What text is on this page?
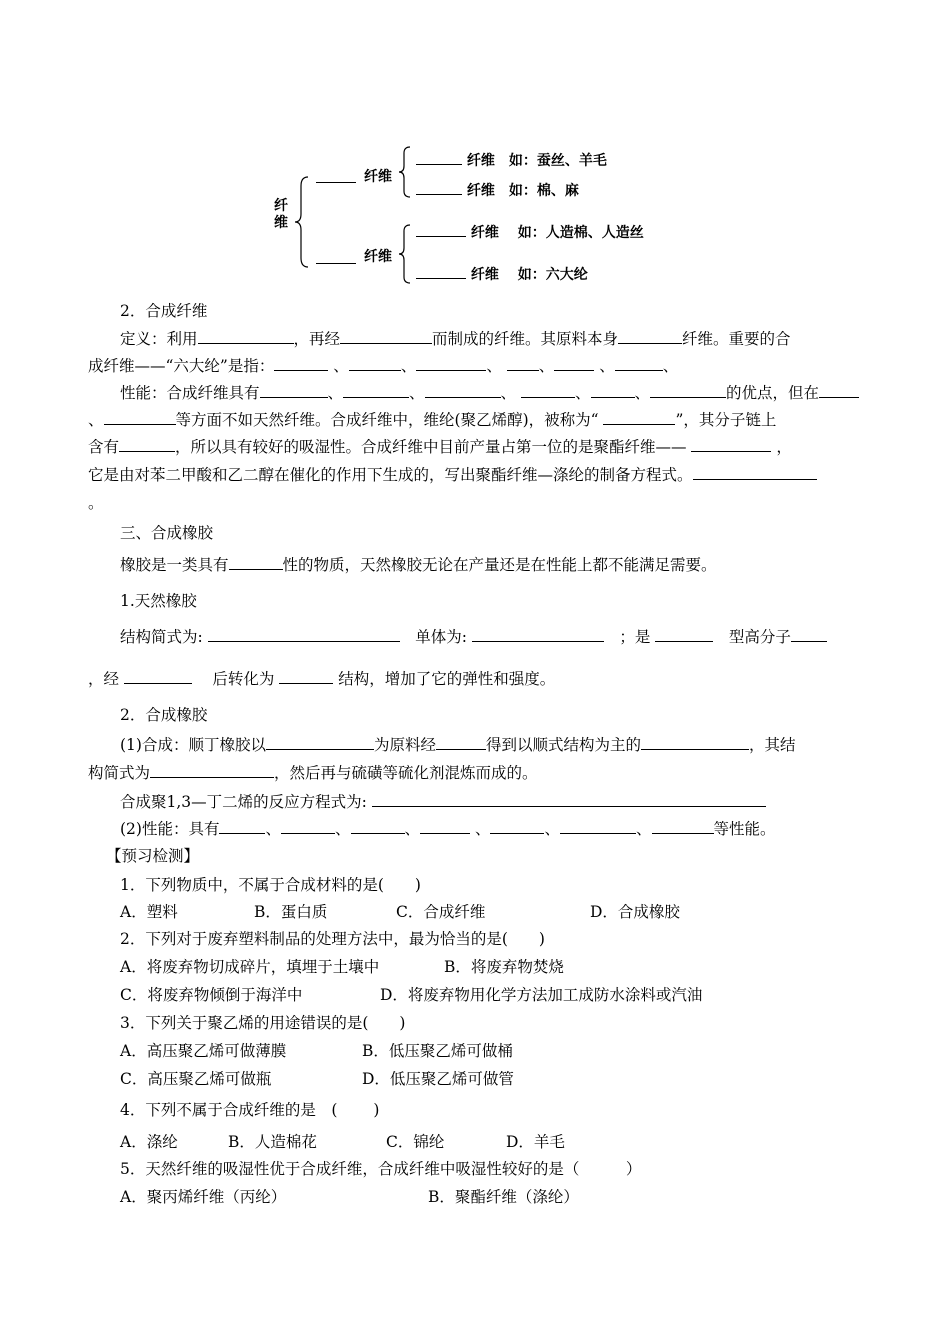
纤
维
纤维
纤维
纤维　 如：蚕丝、羊毛
纤维　 如：棉、麻
纤维　 如：人造棉、人造丝
纤维　 如：六大纶
2．合成纤维
定义：利用	，再经	而制成的纤维。其原料本身	纤维。重要的合
成纤维——“六大纶”是指：	、	、	、 、	、	、
性能：合成纤维具有	、	、	、	、	、	的优点，但在
、	等方面不如天然纤维。合成纤维中，维纶(聚乙烯醇)，被称为“	”，其分子链上
含有	，所以具有较好的吸湿性。合成纤维中目前产量占第一位的是聚酯纤维——	，
它是由对苯二甲酸和乙二醇在催化的作用下生成的，写出聚酯纤维—涤纶的制备方程式。
。
三、合成橡胶
橡胶是一类具有	性的物质，天然橡胶无论在产量还是在性能上都不能满足需要。
1.天然橡胶
结构简式为: 　	单体为: 　	；是 　	型高分子
，经 　	后转化为	结构，增加了它的弹性和强度。
2．合成橡胶
(1)合成：顺丁橡胶以	为原料经	得到以顺式结构为主的	，其结
构简式为	，然后再与硫磺等硫化剂混炼而成的。
合成聚1,3—丁二烯的反应方程式为:
(2)性能：具有	、	、	、	、	、	、	等性能。
【预习检测】
1．下列物质中，不属于合成材料的是(　　)
A．塑料	B．蛋白质	C．合成纤维	D．合成橡胶
2．下列对于废弃塑料制品的处理方法中，最为恰当的是(　　)
A．将废弃物切成碎片，填埋于土壤中	B．将废弃物焚烧
C．将废弃物倾倒于海洋中	D．将废弃物用化学方法加工成防水涂料或汽油
3．下列关于聚乙烯的用途错误的是(　　)
A．高压聚乙烯可做薄膜	B．低压聚乙烯可做桶
C．高压聚乙烯可做瓶	D．低压聚乙烯可做管
4．下列不属于合成纤维的是　(　　 )
A．涤纶	B．人造棉花	C．锦纶	D．羊毛
5．天然纤维的吸湿性优于合成纤维，合成纤维中吸湿性较好的是（　　　）
A．聚丙烯纤维（丙纶）	B．聚酯纤维（涤纶）
